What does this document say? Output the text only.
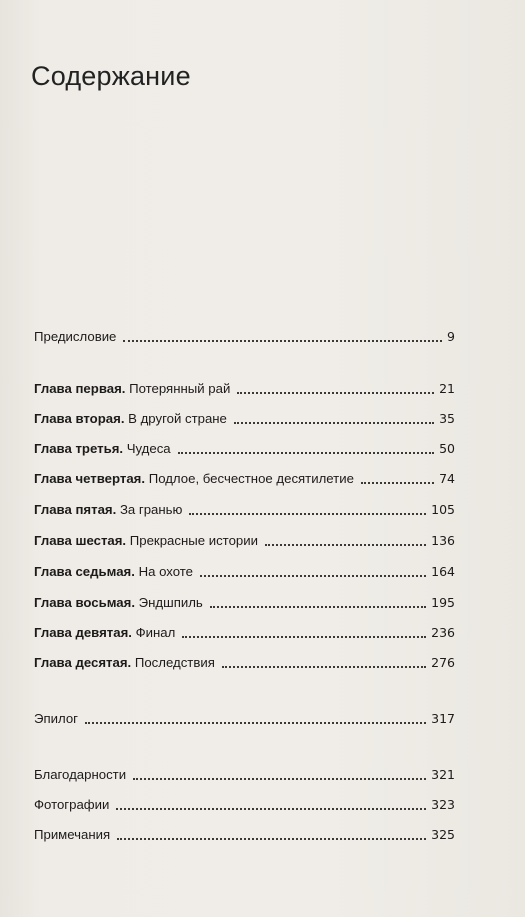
Содержание
Предисловие	9
Глава первая. Потерянный рай	21
Глава вторая. В другой стране	35
Глава третья. Чудеса	50
Глава четвертая. Подлое, бесчестное десятилетие	74
Глава пятая. За гранью	105
Глава шестая. Прекрасные истории	136
Глава седьмая. На охоте	164
Глава восьмая. Эндшпиль	195
Глава девятая. Финал	236
Глава десятая. Последствия	276
Эпилог	317
Благодарности	321
Фотографии	323
Примечания	325
